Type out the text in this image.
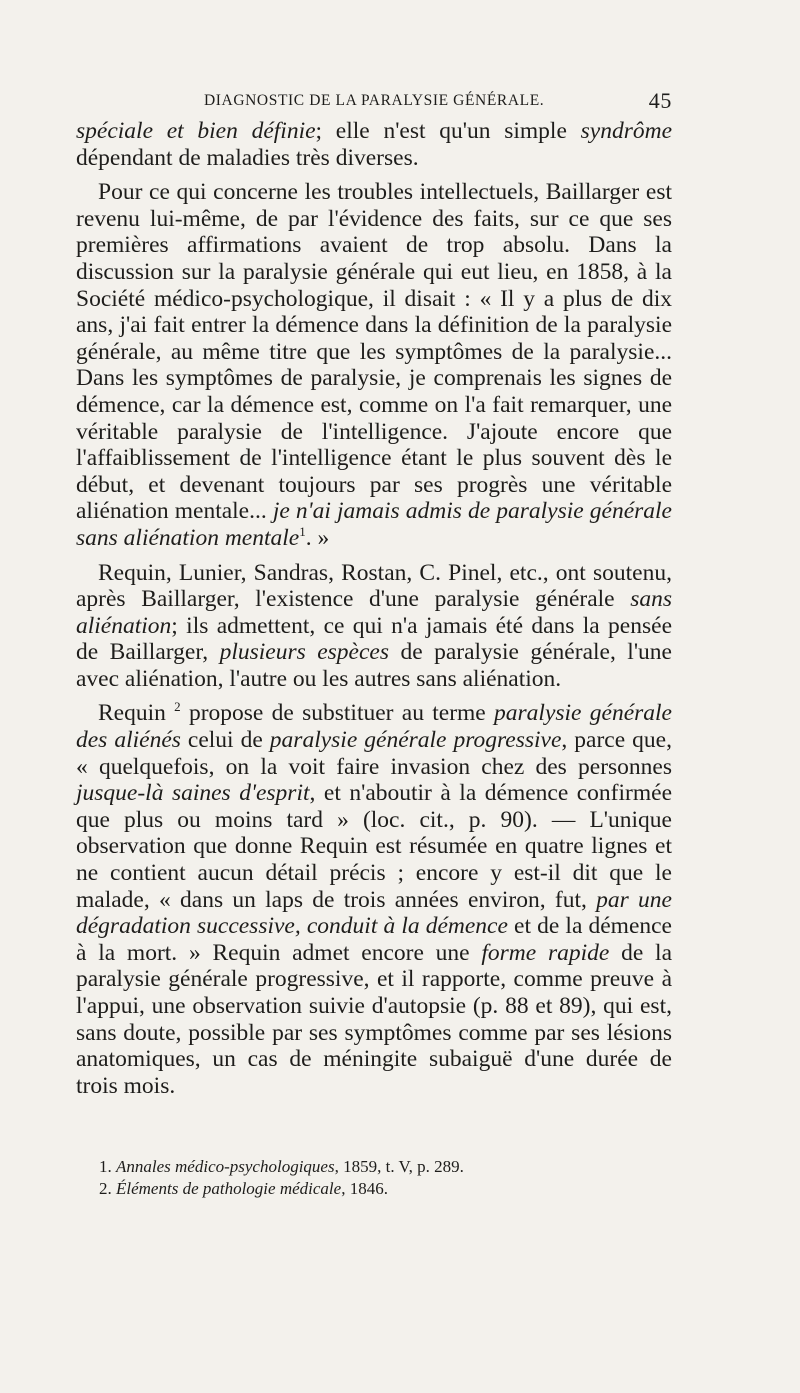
DIAGNOSTIC DE LA PARALYSIE GÉNÉRALE.	45

spéciale et bien définie; elle n'est qu'un simple syndrôme dépendant de maladies très diverses.

Pour ce qui concerne les troubles intellectuels, Baillarger est revenu lui-même, de par l'évidence des faits, sur ce que ses premières affirmations avaient de trop absolu. Dans la discussion sur la paralysie générale qui eut lieu, en 1858, à la Société médico-psychologique, il disait : « Il y a plus de dix ans, j'ai fait entrer la démence dans la définition de la paralysie générale, au même titre que les symptômes de la paralysie... Dans les symptômes de paralysie, je comprenais les signes de démence, car la démence est, comme on l'a fait remarquer, une véritable paralysie de l'intelligence. J'ajoute encore que l'affaiblissement de l'intelligence étant le plus souvent dès le début, et devenant toujours par ses progrès une véritable aliénation mentale... je n'ai jamais admis de paralysie générale sans aliénation mentale$^1$. »

Requin, Lunier, Sandras, Rostan, C. Pinel, etc., ont soutenu, après Baillarger, l'existence d'une paralysie générale sans aliénation; ils admettent, ce qui n'a jamais été dans la pensée de Baillarger, plusieurs espèces de paralysie générale, l'une avec aliénation, l'autre ou les autres sans aliénation.

Requin $^2$ propose de substituer au terme paralysie générale des aliénés celui de paralysie générale progressive, parce que, « quelquefois, on la voit faire invasion chez des personnes jusque-là saines d'esprit, et n'aboutir à la démence confirmée que plus ou moins tard » (loc. cit., p. 90). — L'unique observation que donne Requin est résumée en quatre lignes et ne contient aucun détail précis ; encore y est-il dit que le malade, « dans un laps de trois années environ, fut, par une dégradation successive, conduit à la démence et de la démence à la mort. » Requin admet encore une forme rapide de la paralysie générale progressive, et il rapporte, comme preuve à l'appui, une observation suivie d'autopsie (p. 88 et 89), qui est, sans doute, possible par ses symptômes comme par ses lésions anatomiques, un cas de méningite subaiguë d'une durée de trois mois.

1. Annales médico-psychologiques, 1859, t. V, p. 289.
2. Éléments de pathologie médicale, 1846.
